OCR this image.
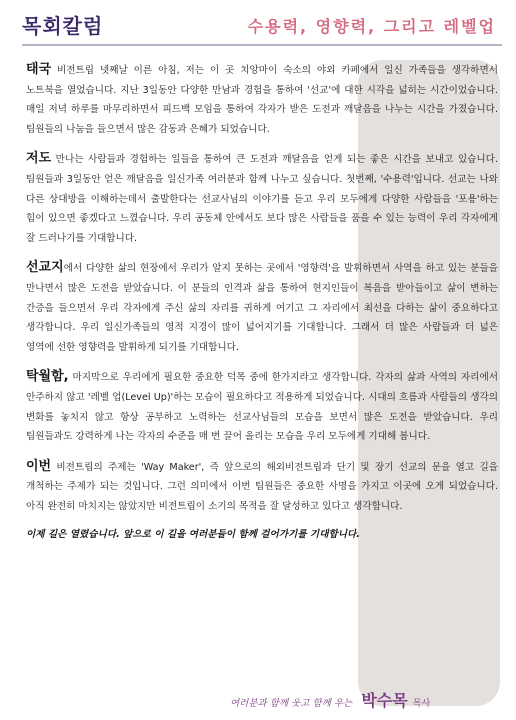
목회칼럼	수용력, 영향력, 그리고 레벨업

태국 비전트립 넷째날 이른 아침, 저는 이 곳 치앙마이 숙소의 야외 카페에서 일신 가족들을 생각하면서 노트북을 열었습니다. 지난 3일동안 다양한 만남과 경험을 통하여 '선교'에 대한 시각을 넓히는 시간이었습니다. 매일 저녁 하루를 마무리하면서 피드백 모임을 통하여 각자가 받은 도전과 깨달음을 나누는 시간을 가졌습니다. 팀원들의 나눔을 들으면서 많은 감동과 은혜가 되었습니다.

저도 만나는 사람들과 경험하는 일들을 통하여 큰 도전과 깨달음을 얻게 되는 좋은 시간을 보내고 있습니다. 팀원들과 3일동안 얻은 깨달음을 일신가족 여러분과 함께 나누고 싶습니다. 첫번째, '수용력'입니다. 선교는 나와 다른 상대방을 이해하는데서 출발한다는 선교사님의 이야기를 듣고 우리 모두에게 다양한 사람들을 '포용'하는 힘이 있으면 좋겠다고 느꼈습니다. 우리 공동체 안에서도 보다 많은 사람들을 품을 수 있는 능력이 우리 각자에게 잘 드러나기를 기대합니다.

선교지에서 다양한 삶의 현장에서 우리가 알지 못하는 곳에서 '영향력'을 발휘하면서 사역을 하고 있는 분들을 만나면서 많은 도전을 받았습니다. 이 분들의 인격과 삶을 통하여 현지인들이 복음을 받아들이고 삶이 변하는 간증을 들으면서 우리 각자에게 주신 삶의 자리를 귀하게 여기고 그 자리에서 최선을 다하는 삶이 중요하다고 생각합니다. 우리 일신가족들의 영적 지경이 많이 넓어지기를 기대합니다. 그래서 더 많은 사람들과 더 넓은 영역에 선한 영향력을 발휘하게 되기를 기대합니다.

탁월함, 마지막으로 우리에게 필요한 중요한 덕목 중에 한가지라고 생각합니다. 각자의 삶과 사역의 자리에서 안주하지 않고 '레벨 업(Level Up)'하는 모습이 필요하다고 적용하게 되었습니다. 시대의 흐름과 사람들의 생각의 변화를 놓치지 않고 항상 공부하고 노력하는 선교사님들의 모습을 보면서 많은 도전을 받았습니다. 우리 팀원들과도 강력하게 나는 각자의 수준을 매 번 끌어 올리는 모습을 우리 모두에게 기대해 봅니다.

이번 비전트립의 주제는 'Way Maker', 즉 앞으로의 해외비전트립과 단기 및 장기 선교의 문을 열고 길을 개척하는 주제가 되는 것입니다. 그런 의미에서 이번 팀원들은 중요한 사명을 가지고 이곳에 오게 되었습니다. 아직 완전히 마치지는 않았지만 비전트립이 소기의 목적을 잘 달성하고 있다고 생각합니다.

이제 길은 열렸습니다. 앞으로 이 길을 여러분들이 함께 걸어가기를 기대합니다.

여러분과 함께 웃고 함께 우는 박수목 목사
